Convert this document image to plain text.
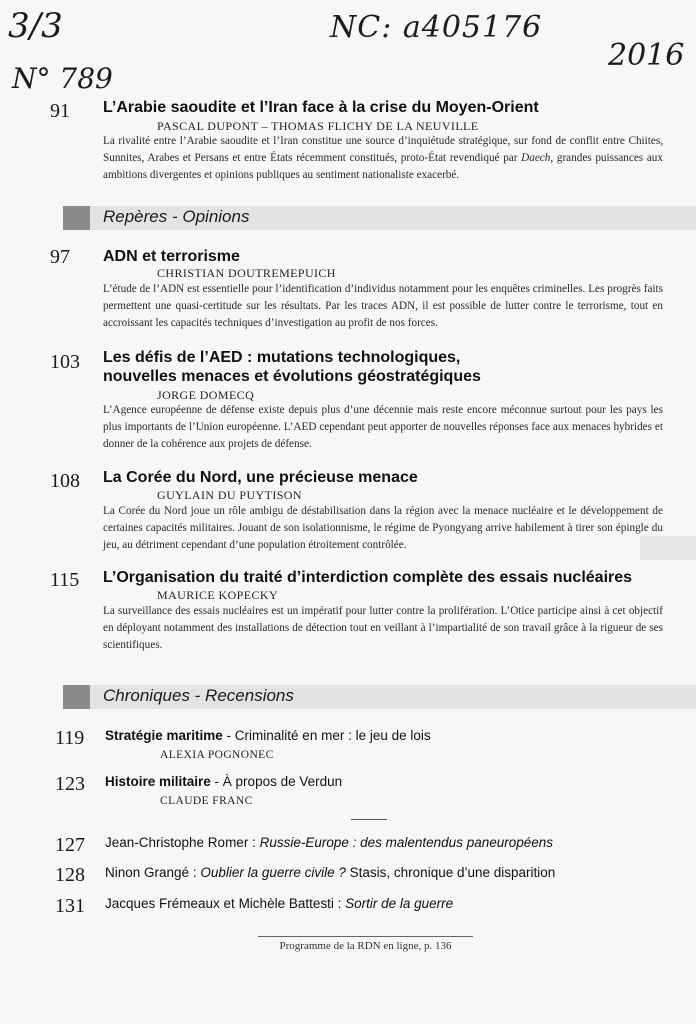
3/3	NC: a405176
N° 789
2016
91	L’Arabie saoudite et l’Iran face à la crise du Moyen-Orient
PASCAL DUPONT – THOMAS FLICHY DE LA NEUVILLE
La rivalité entre l’Arabie saoudite et l’Iran constitue une source d’inquiétude stratégique, sur fond de conflit entre Chiites, Sunnites, Arabes et Persans et entre États récemment constitués, proto-État revendiqué par Daech, grandes puissances aux ambitions divergentes et opinions publiques au sentiment nationaliste exacerbé.
Repères - Opinions
97	ADN et terrorisme
CHRISTIAN DOUTREMEPUICH
L’étude de l’ADN est essentielle pour l’identification d’individus notamment pour les enquêtes criminelles. Les progrès faits permettent une quasi-certitude sur les résultats. Par les traces ADN, il est possible de lutter contre le terrorisme, tout en accroissant les capacités techniques d’investigation au profit de nos forces.
103	Les défis de l’AED : mutations technologiques,
nouvelles menaces et évolutions géostratégiques
JORGE DOMECQ
L’Agence européenne de défense existe depuis plus d’une décennie mais reste encore méconnue surtout pour les pays les plus importants de l’Union européenne. L’AED cependant peut apporter de nouvelles réponses face aux menaces hybrides et donner de la cohérence aux projets de défense.
108	La Corée du Nord, une précieuse menace
GUYLAIN DU PUYTISON
La Corée du Nord joue un rôle ambigu de déstabilisation dans la région avec la menace nucléaire et le développement de certaines capacités militaires. Jouant de son isolationnisme, le régime de Pyongyang arrive habilement à tirer son épingle du jeu, au détriment cependant d’une population étroitement contrôlée.
115	L’Organisation du traité d’interdiction complète des essais nucléaires
MAURICE KOPECKY
La surveillance des essais nucléaires est un impératif pour lutter contre la prolifération. L’Otice participe ainsi à cet objectif en déployant notamment des installations de détection tout en veillant à l’impartialité de son travail grâce à la rigueur de ses scientifiques.
Chroniques - Recensions
119	Stratégie maritime - Criminalité en mer : le jeu de lois
ALEXIA POGNONEC
123	Histoire militaire - À propos de Verdun
CLAUDE FRANC
127	Jean-Christophe Romer : Russie-Europe : des malentendus paneuropéens
128	Ninon Grangé : Oublier la guerre civile ? Stasis, chronique d’une disparition
131	Jacques Frémeaux et Michèle Battesti : Sortir de la guerre
Programme de la RDN en ligne, p. 136
